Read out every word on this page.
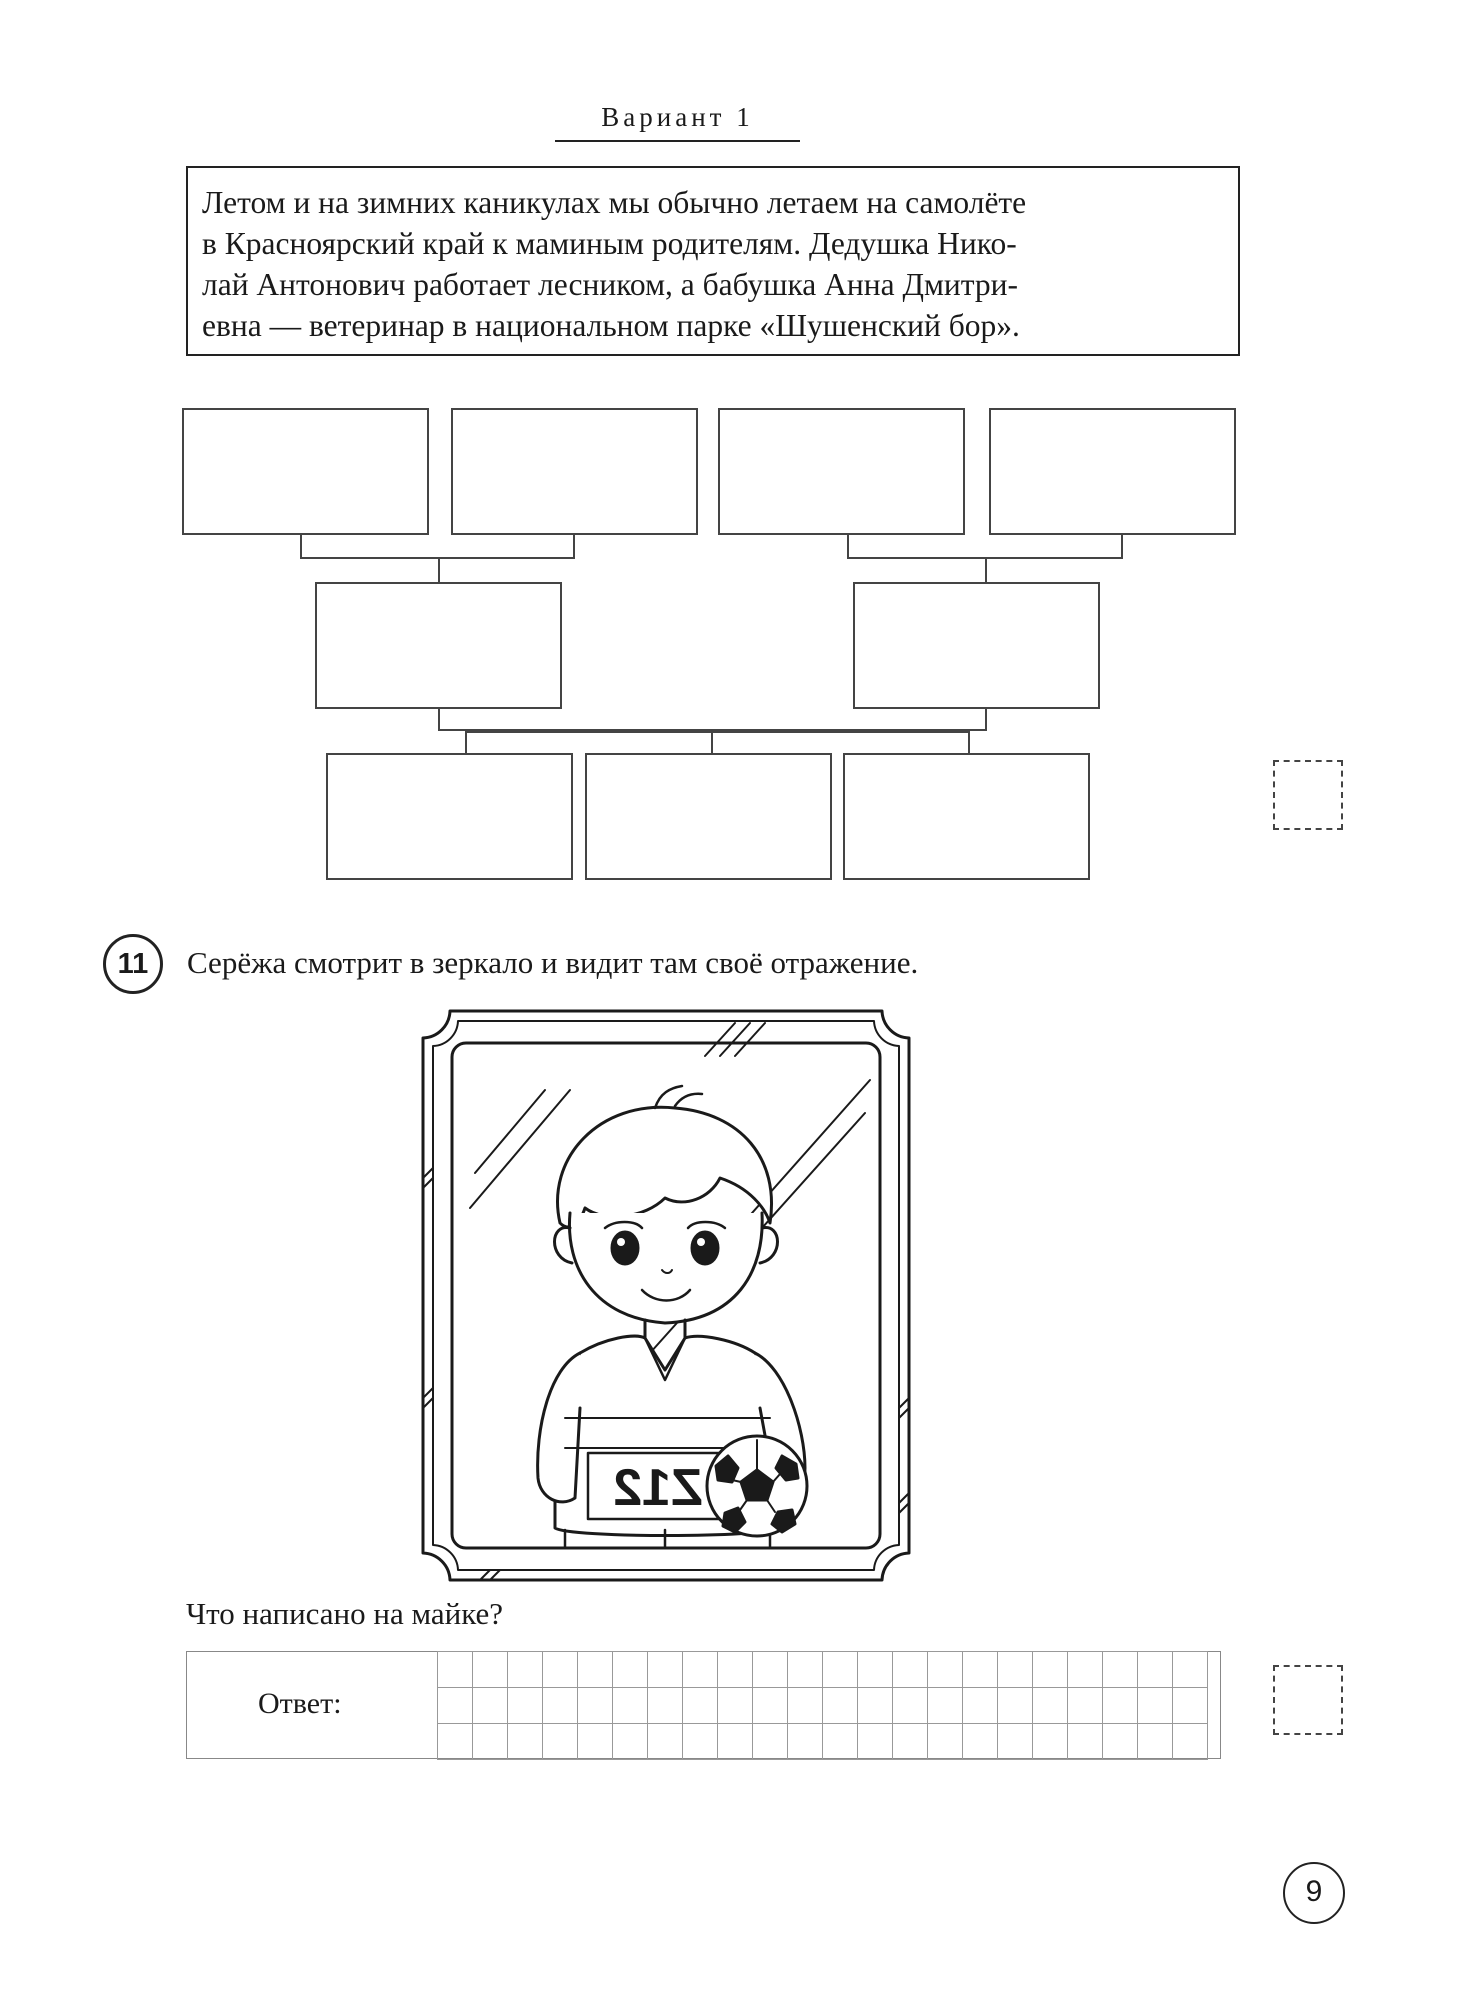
Вариант 1
Летом и на зимних каникулах мы обычно летаем на самолёте
в Красноярский край к маминым родителям. Дедушка Нико-
лай Антонович работает лесником, а бабушка Анна Дмитри-
евна — ветеринар в национальном парке «Шушенский бор».
11	Серёжа смотрит в зеркало и видит там своё отражение.
Z12
Что написано на майке?
Ответ:
9
